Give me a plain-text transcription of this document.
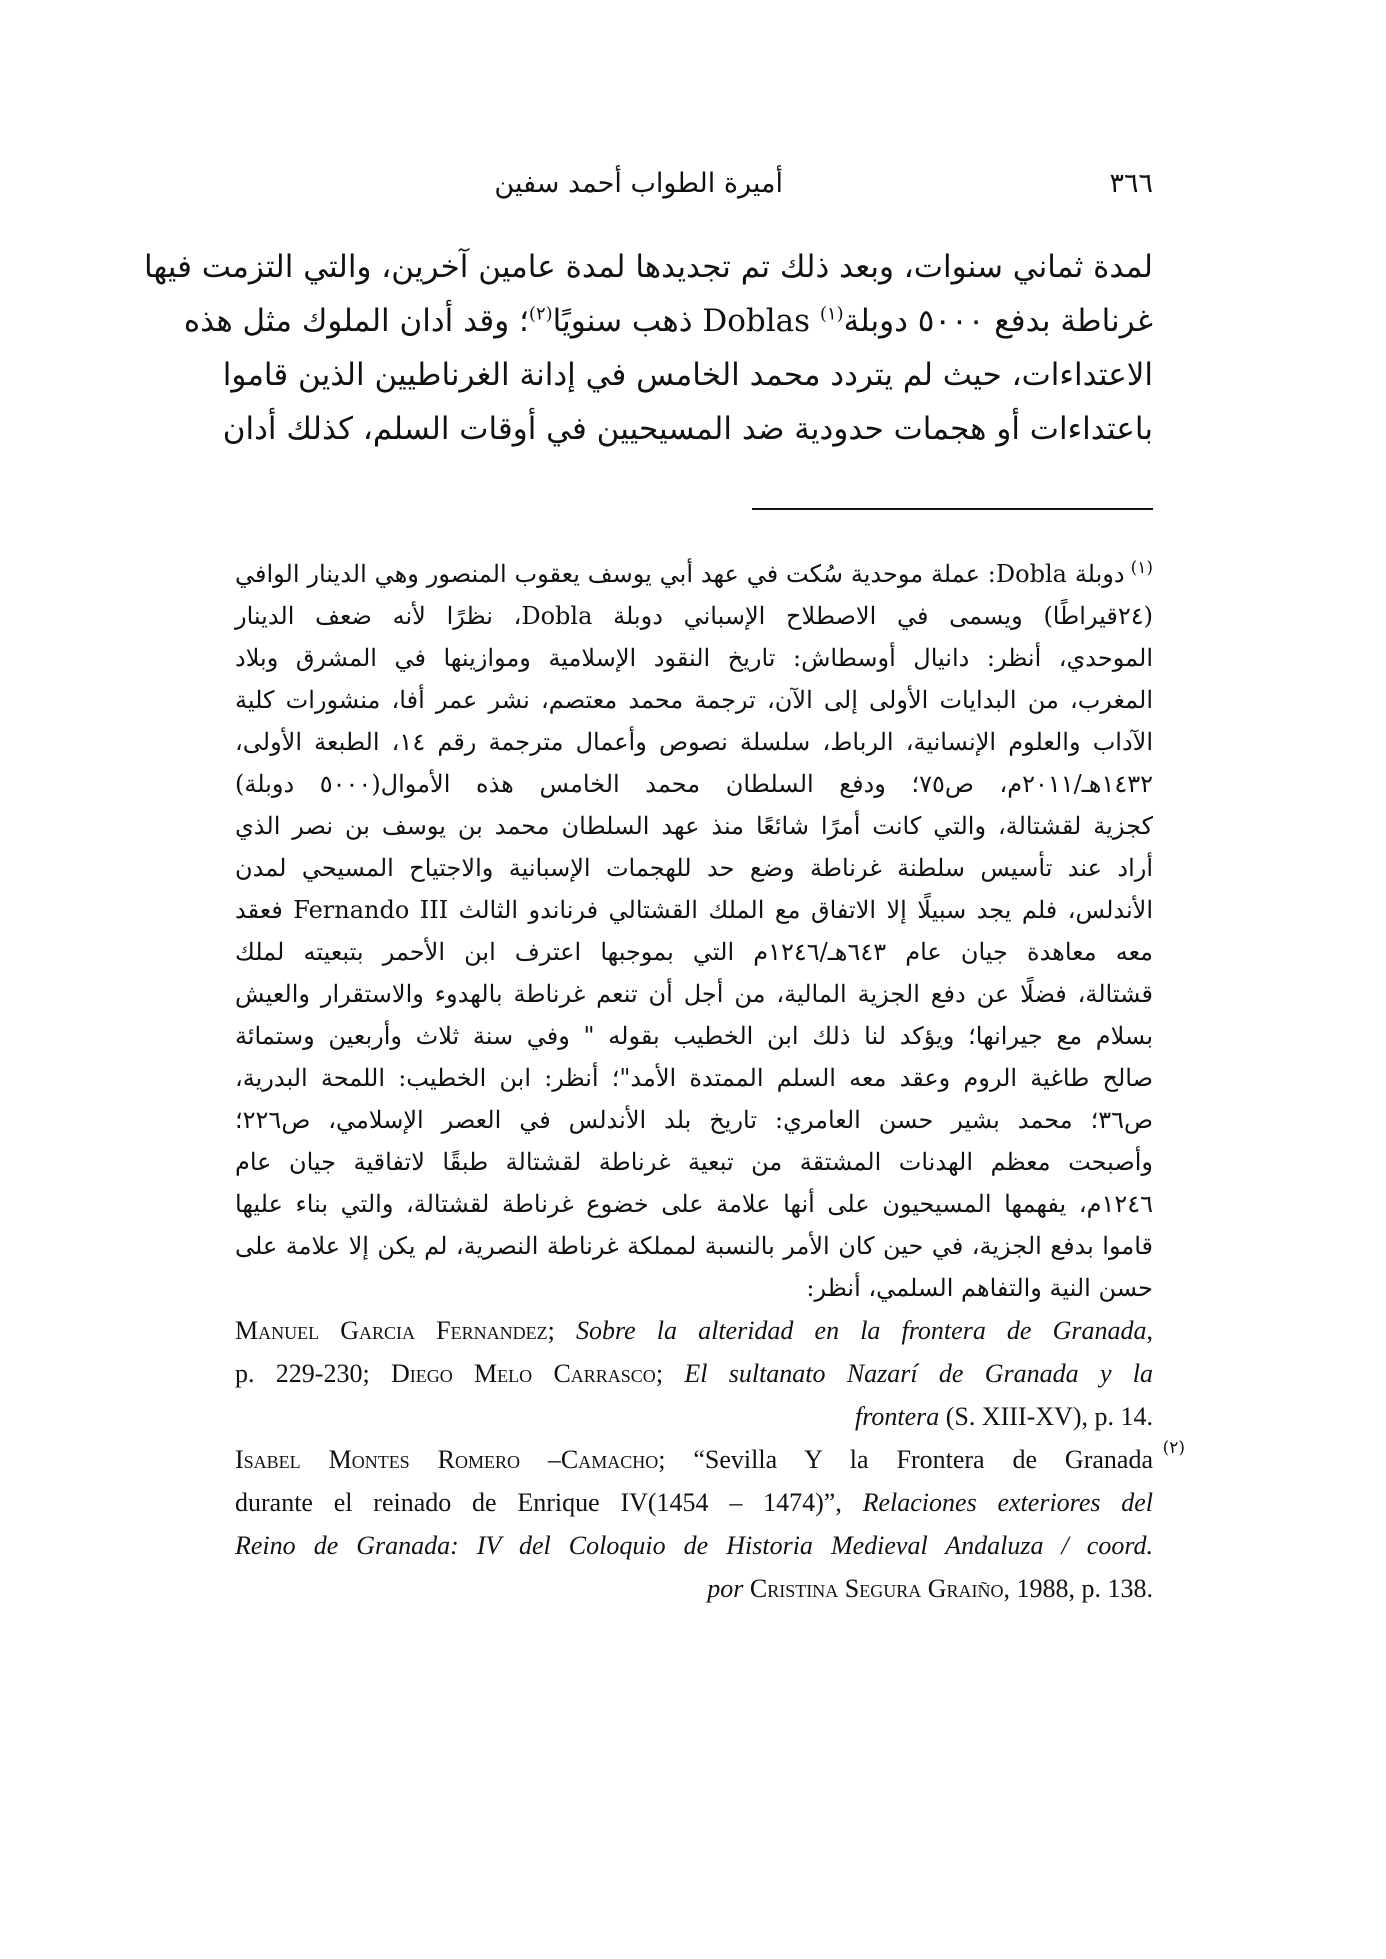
٣٦٦
أميرة الطواب أحمد سفين
لمدة ثماني سنوات، وبعد ذلك تم تجديدها لمدة عامين آخرين، والتي التزمت فيها
غرناطة بدفع ٥٠٠٠ دوبلة$^{(١)}$ Doblas ذهب سنويًا$^{(٢)}$؛ وقد أدان الملوك مثل هذه
الاعتداءات، حيث لم يتردد محمد الخامس في إدانة الغرناطيين الذين قاموا
باعتداءات أو هجمات حدودية ضد المسيحيين في أوقات السلم، كذلك أدان
$^{(١)}$دوبلة Dobla: عملة موحدية سُكت في عهد أبي يوسف يعقوب المنصور وهي الدينار الوافي
(٢٤قيراطًا) ويسمى في الاصطلاح الإسباني دوبلة Dobla، نظرًا لأنه ضعف الدينار
الموحدي، أنظر: دانيال أوسطاش: تاريخ النقود الإسلامية وموازينها في المشرق وبلاد
المغرب، من البدايات الأولى إلى الآن، ترجمة محمد معتصم، نشر عمر أفا، منشورات كلية
الآداب والعلوم الإنسانية، الرباط، سلسلة نصوص وأعمال مترجمة رقم ١٤، الطبعة الأولى،
١٤٣٢هـ/٢٠١١م، ص٧٥؛ ودفع السلطان محمد الخامس هذه الأموال(٥٠٠٠ دوبلة)
كجزية لقشتالة، والتي كانت أمرًا شائعًا منذ عهد السلطان محمد بن يوسف بن نصر الذي
أراد عند تأسيس سلطنة غرناطة وضع حد للهجمات الإسبانية والاجتياح المسيحي لمدن
الأندلس، فلم يجد سبيلًا إلا الاتفاق مع الملك القشتالي فرناندو الثالث Fernando III فعقد
معه معاهدة جيان عام ٦٤٣هـ/١٢٤٦م التي بموجبها اعترف ابن الأحمر بتبعيته لملك
قشتالة، فضلًا عن دفع الجزية المالية، من أجل أن تنعم غرناطة بالهدوء والاستقرار والعيش
بسلام مع جيرانها؛ ويؤكد لنا ذلك ابن الخطيب بقوله " وفي سنة ثلاث وأربعين وستمائة
صالح طاغية الروم وعقد معه السلم الممتدة الأمد"؛ أنظر: ابن الخطيب: اللمحة البدرية،
ص٣٦؛ محمد بشير حسن العامري: تاريخ بلد الأندلس في العصر الإسلامي، ص٢٢٦؛
وأصبحت معظم الهدنات المشتقة من تبعية غرناطة لقشتالة طبقًا لاتفاقية جيان عام
١٢٤٦م، يفهمها المسيحيون على أنها علامة على خضوع غرناطة لقشتالة، والتي بناء عليها
قاموا بدفع الجزية، في حين كان الأمر بالنسبة لمملكة غرناطة النصرية، لم يكن إلا علامة على
حسن النية والتفاهم السلمي، أنظر:
Manuel Garcia Fernandez; Sobre la alteridad en la frontera de Granada,
p. 229-230; Diego Melo Carrasco; El sultanato Nazarí de Granada y la
frontera (S. XIII-XV), p. 14.
(٢)
Isabel Montes Romero –Camacho; “Sevilla Y la Frontera de Granada
durante el reinado de Enrique IV(1454 – 1474)”, Relaciones exteriores del
Reino de Granada: IV del Coloquio de Historia Medieval Andaluza / coord.
por Cristina Segura Graiño, 1988, p. 138.
